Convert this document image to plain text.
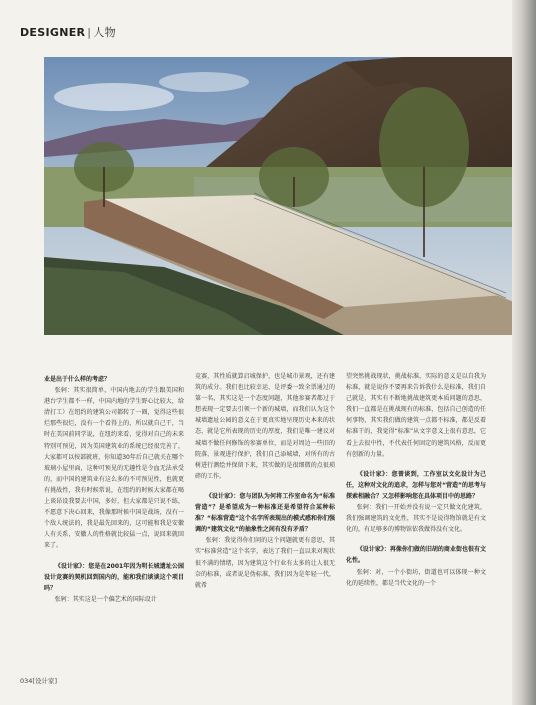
DESIGNER | 人物

业是出于什么样的考虑？

张轲：其实很简单，中国内地去的学生跟美国和港台学生都不一样，中国内地的学生野心比较大，给清打工）在纽约的建筑公司都转了一圈，觉得这些很烂那些很烂，没有一个看得上的，所以就自己干，当时在美国前同学说，在纽约来看，觉得对自己的未来特别可预见，因为美国建筑业的系统已经很完善了，大家都可以按部就班，你知道30年后自己就关在哪个玻璃小屋里面，这种可预见的无趣性是令血无法承受的，而中国的建筑业有这么多的不可预见性，也就更有挑战性，我有时候常说，在纽约的时候大家都在喝上谈昂设我要去中国，多好，但大家都是只说不练，不愿意下决心回来，我像那时候中国是战场，没有一个敌人统法的，我是最先回来的，这可能和我是安徽人有关系，安徽人的性格就比较猛一点，说回来就回来了。

《设计家》：您是在2001年因为明长城遗址公园设计竞赛的契机回到国内的，能和我们谈谈这个项目吗？

张轲：其实这是一个偏艺术的国际设计

竞赛，其性质就算启城保护，也是城市景观，还有建筑的成分。我们也比较幸运，是评委一致全票通过的第一名，其实这是一个态度问题，其他参赛者都过于想表现一定要去引领一个新的城墙，而我们认为这个城墙遗址公园的意义在于更真实地呈现历史本来的状态，就是它所表现的历史的厚度，我们是唯一建议对城墙不做任何修饰的参赛单位，而是对周边一些旧的院落，景观进行保护，我们自己添城墙，对所有的古树进行测绘并保留下来，其实做的是很细微的点很琐碎的工作。

《设计家》：您与团队为何将工作室命名为“标准营造”？是希望成为一种标准还是希望符合某种标准？“标准营造”这个名字所表现出的模式感和你们强调的“建筑文化”的抽象性之间有没有矛盾？

张轲：我觉得你们问的这个问题就更有意思，其实“标准营造”这个名字，表达了我们一直以来对现状很不满的情绪，因为建筑这个行业有太多的让人很无奈的标准，或者说是伪标准，我们因为是年轻一代，就希

望突然挑战现状，挑战标准，实际的意义是以自我为标准，就是说你不要再来告诉我什么是标准，我们自己就是，其实有不断地挑战建筑更本质问题的意思，我们一直都是在挑战现有的标准，包括自己创造的任何事物，其实我们做的建筑一点都不标准，都是反着标准干的，我觉得“标准”从文字意义上很有意思，它看上去很中性，不代表任何固定的建筑风格，反而更有创新的力量。

《设计家》：您曾谈到，工作室以文化设计为己任，这种对文化的追求，怎样与您对“营造”的思考与探索相融合？又怎样影响您在具体项目中的思路？

张轲：我们一开始并没有说一定只做文化建筑，我们强调建筑的文化性，其实不是说得物馆就是有文化的，有足够多的博物馆依我做得没有文化。

《设计家》：再像你们做的旧胡的商业街也很有文化性。

张轲：对，一个小街坊，街道也可以体现一种文化的延续性，都是当代文化的一个

034[设计家]
